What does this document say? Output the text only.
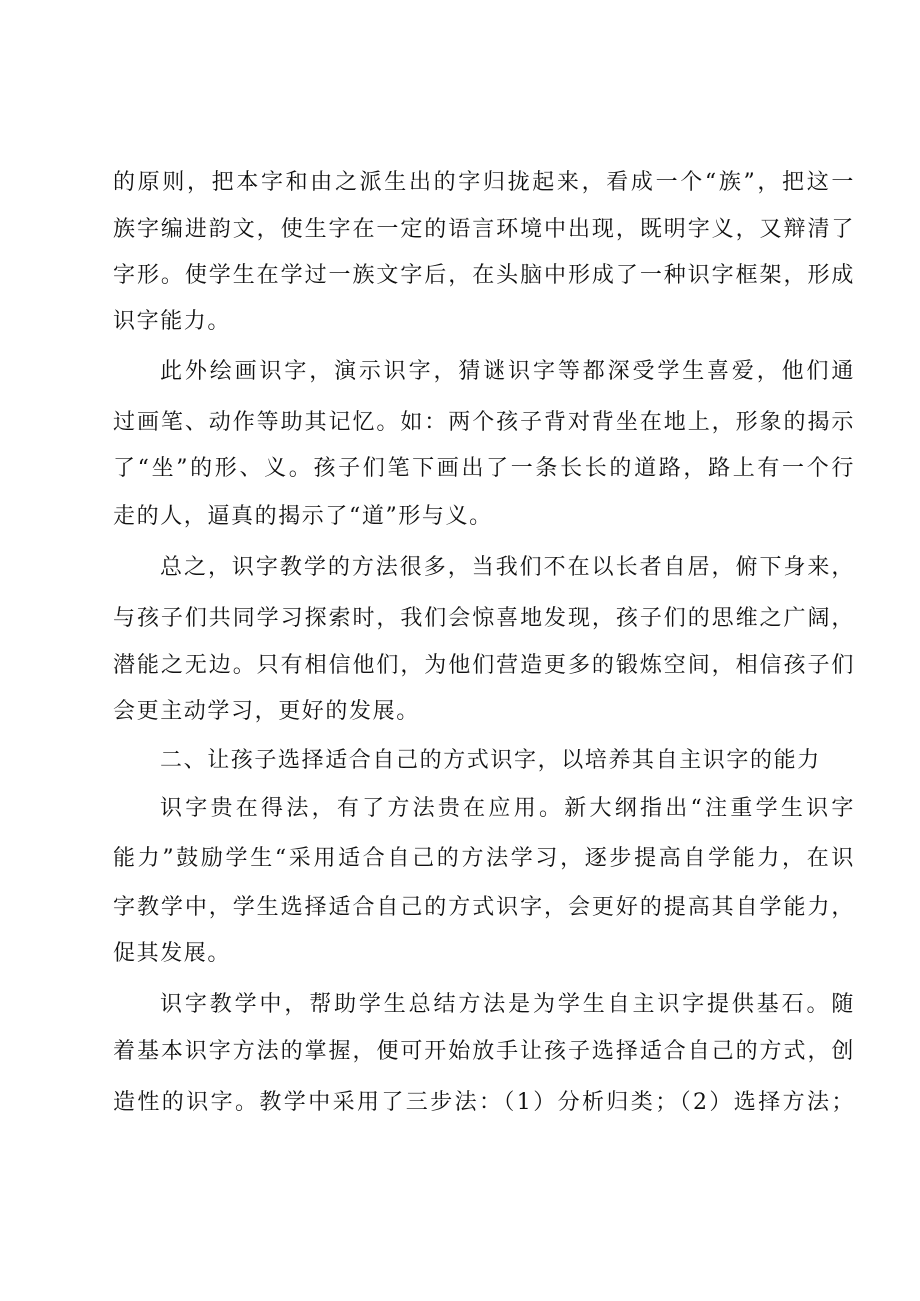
的原则，把本字和由之派生出的字归拢起来，看成一个“族”，把这一
族字编进韵文，使生字在一定的语言环境中出现，既明字义，又辩清了
字形。使学生在学过一族文字后，在头脑中形成了一种识字框架，形成
识字能力。
此外绘画识字，演示识字，猜谜识字等都深受学生喜爱，他们通
过画笔、动作等助其记忆。如：两个孩子背对背坐在地上，形象的揭示
了“坐”的形、义。孩子们笔下画出了一条长长的道路，路上有一个行
走的人，逼真的揭示了“道”形与义。
总之，识字教学的方法很多，当我们不在以长者自居，俯下身来，
与孩子们共同学习探索时，我们会惊喜地发现，孩子们的思维之广阔，
潜能之无边。只有相信他们，为他们营造更多的锻炼空间，相信孩子们
会更主动学习，更好的发展。
二、让孩子选择适合自己的方式识字，以培养其自主识字的能力
识字贵在得法，有了方法贵在应用。新大纲指出“注重学生识字
能力”鼓励学生“采用适合自己的方法学习，逐步提高自学能力，在识
字教学中，学生选择适合自己的方式识字，会更好的提高其自学能力，
促其发展。
识字教学中，帮助学生总结方法是为学生自主识字提供基石。随
着基本识字方法的掌握，便可开始放手让孩子选择适合自己的方式，创
造性的识字。教学中采用了三步法：（1）分析归类；（2）选择方法；
